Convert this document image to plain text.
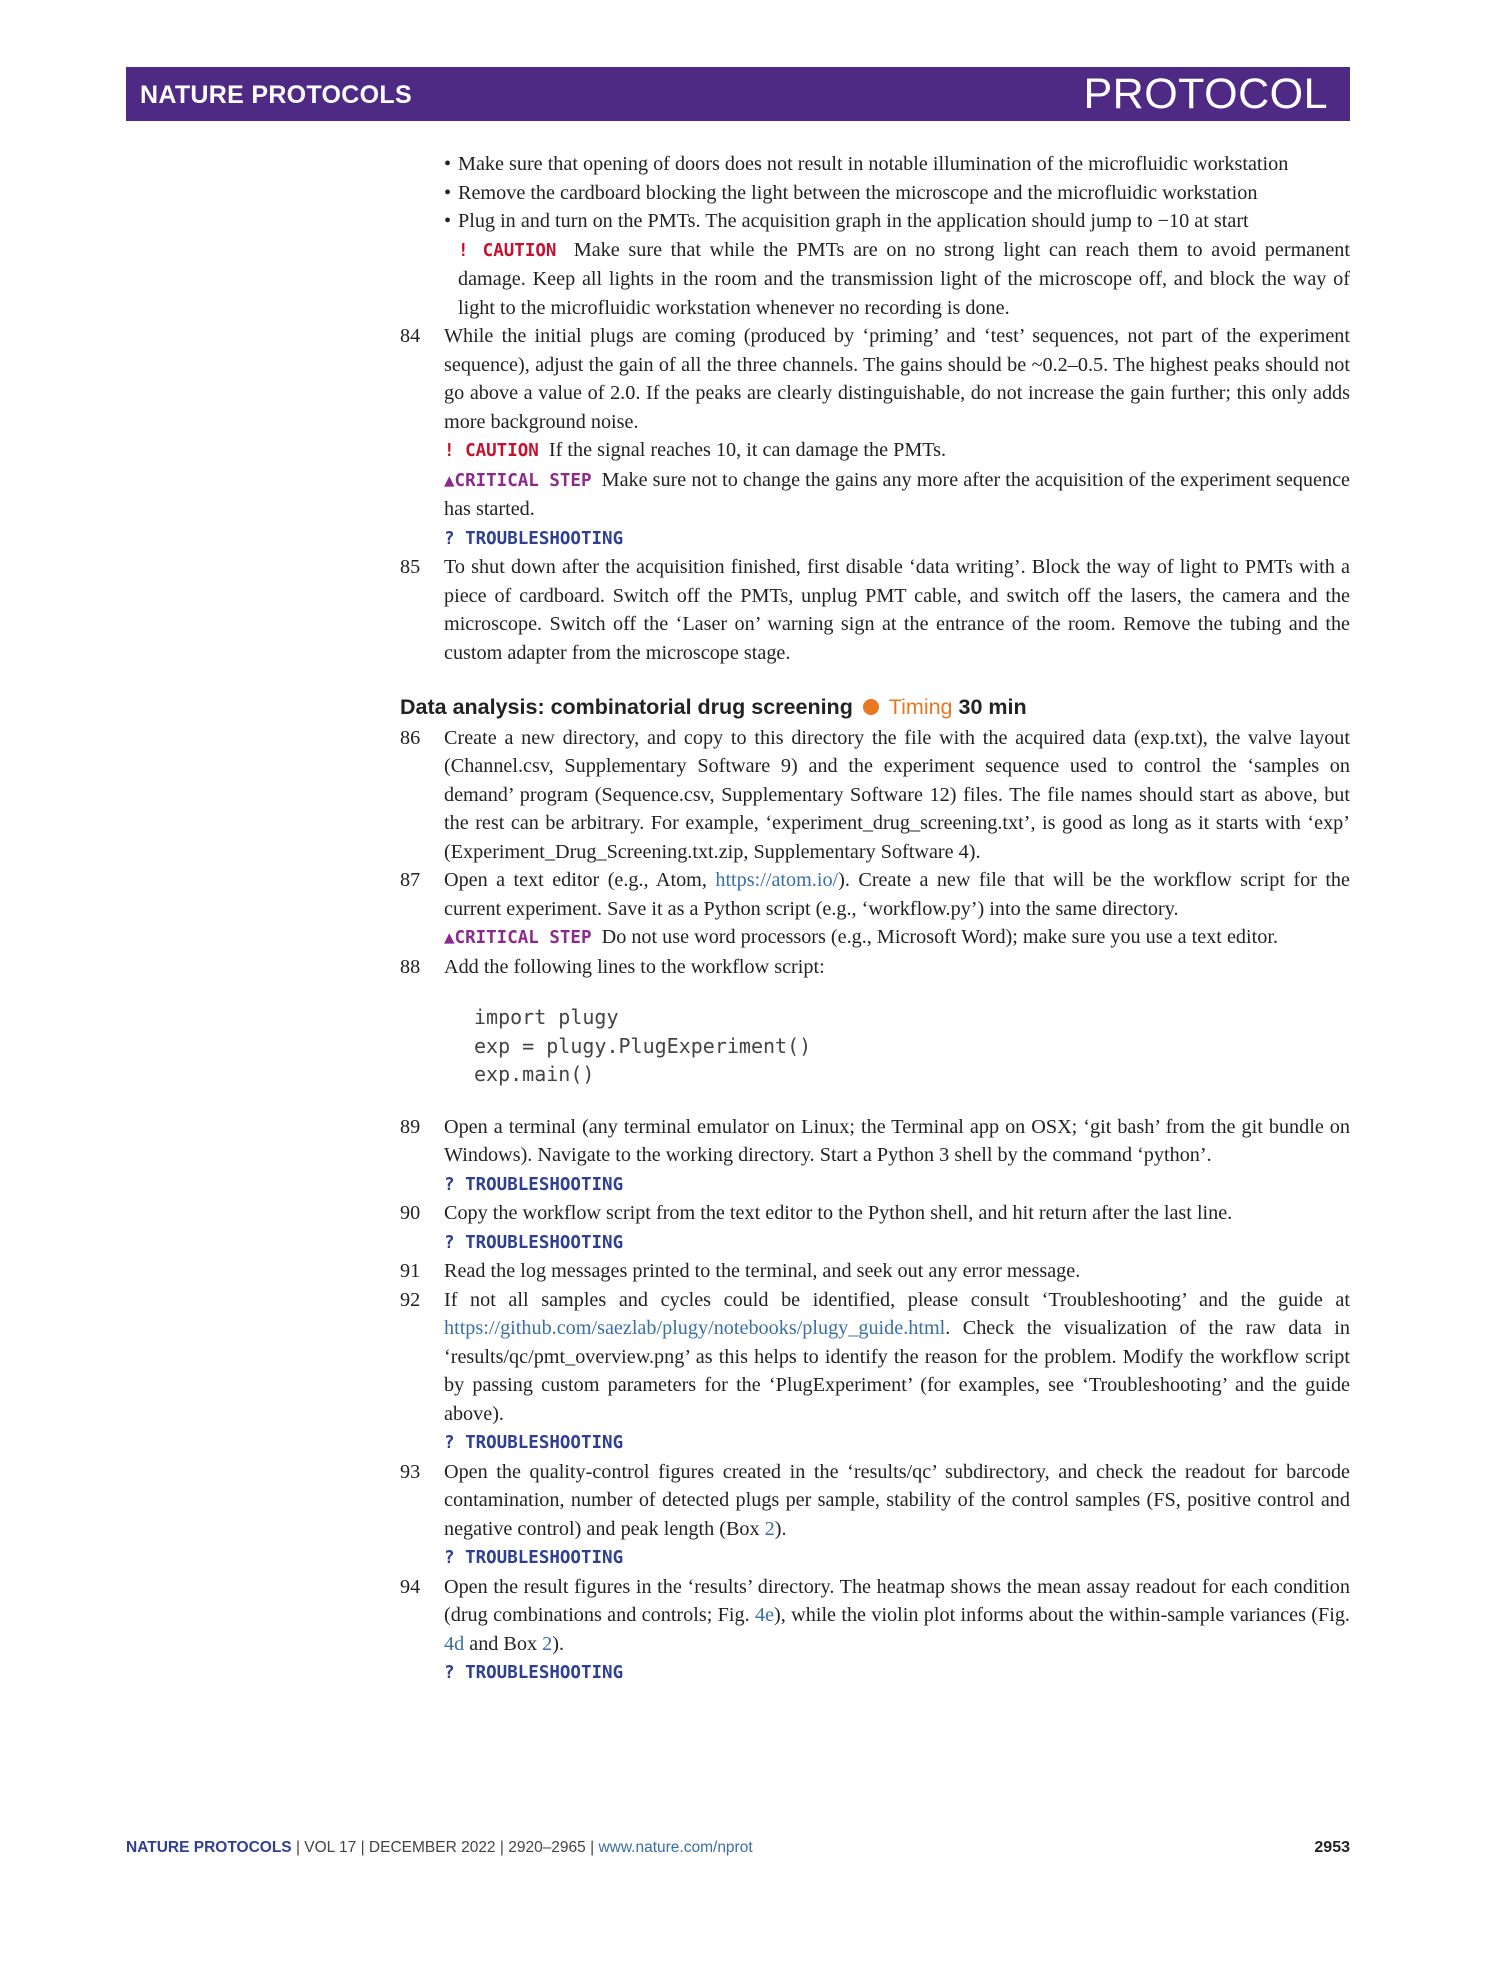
NATURE PROTOCOLS	PROTOCOL
• Make sure that opening of doors does not result in notable illumination of the microfluidic workstation
• Remove the cardboard blocking the light between the microscope and the microfluidic workstation
• Plug in and turn on the PMTs. The acquisition graph in the application should jump to −10 at start
! CAUTION Make sure that while the PMTs are on no strong light can reach them to avoid permanent damage. Keep all lights in the room and the transmission light of the microscope off, and block the way of light to the microfluidic workstation whenever no recording is done.
84 While the initial plugs are coming (produced by ‘priming’ and ‘test’ sequences, not part of the experiment sequence), adjust the gain of all the three channels. The gains should be ~0.2–0.5. The highest peaks should not go above a value of 2.0. If the peaks are clearly distinguishable, do not increase the gain further; this only adds more background noise.
! CAUTION If the signal reaches 10, it can damage the PMTs.
▲CRITICAL STEP Make sure not to change the gains any more after the acquisition of the experiment sequence has started.
? TROUBLESHOOTING
85 To shut down after the acquisition finished, first disable ‘data writing’. Block the way of light to PMTs with a piece of cardboard. Switch off the PMTs, unplug PMT cable, and switch off the lasers, the camera and the microscope. Switch off the ‘Laser on’ warning sign at the entrance of the room. Remove the tubing and the custom adapter from the microscope stage.
Data analysis: combinatorial drug screening Timing 30 min
86 Create a new directory, and copy to this directory the file with the acquired data (exp.txt), the valve layout (Channel.csv, Supplementary Software 9) and the experiment sequence used to control the ‘samples on demand’ program (Sequence.csv, Supplementary Software 12) files. The file names should start as above, but the rest can be arbitrary. For example, ‘experiment_drug_screening.txt’, is good as long as it starts with ‘exp’ (Experiment_Drug_Screening.txt.zip, Supplementary Software 4).
87 Open a text editor (e.g., Atom, https://atom.io/). Create a new file that will be the workflow script for the current experiment. Save it as a Python script (e.g., ‘workflow.py’) into the same directory.
▲CRITICAL STEP Do not use word processors (e.g., Microsoft Word); make sure you use a text editor.
88 Add the following lines to the workflow script:
import plugy
exp = plugy.PlugExperiment()
exp.main()
89 Open a terminal (any terminal emulator on Linux; the Terminal app on OSX; ‘git bash’ from the git bundle on Windows). Navigate to the working directory. Start a Python 3 shell by the command ‘python’.
? TROUBLESHOOTING
90 Copy the workflow script from the text editor to the Python shell, and hit return after the last line.
? TROUBLESHOOTING
91 Read the log messages printed to the terminal, and seek out any error message.
92 If not all samples and cycles could be identified, please consult ‘Troubleshooting’ and the guide at https://github.com/saezlab/plugy/notebooks/plugy_guide.html. Check the visualization of the raw data in ‘results/qc/pmt_overview.png’ as this helps to identify the reason for the problem. Modify the workflow script by passing custom parameters for the ‘PlugExperiment’ (for examples, see ‘Troubleshooting’ and the guide above).
? TROUBLESHOOTING
93 Open the quality-control figures created in the ‘results/qc’ subdirectory, and check the readout for barcode contamination, number of detected plugs per sample, stability of the control samples (FS, positive control and negative control) and peak length (Box 2).
? TROUBLESHOOTING
94 Open the result figures in the ‘results’ directory. The heatmap shows the mean assay readout for each condition (drug combinations and controls; Fig. 4e), while the violin plot informs about the within-sample variances (Fig. 4d and Box 2).
? TROUBLESHOOTING
NATURE PROTOCOLS | VOL 17 | DECEMBER 2022 | 2920–2965 | www.nature.com/nprot	2953
